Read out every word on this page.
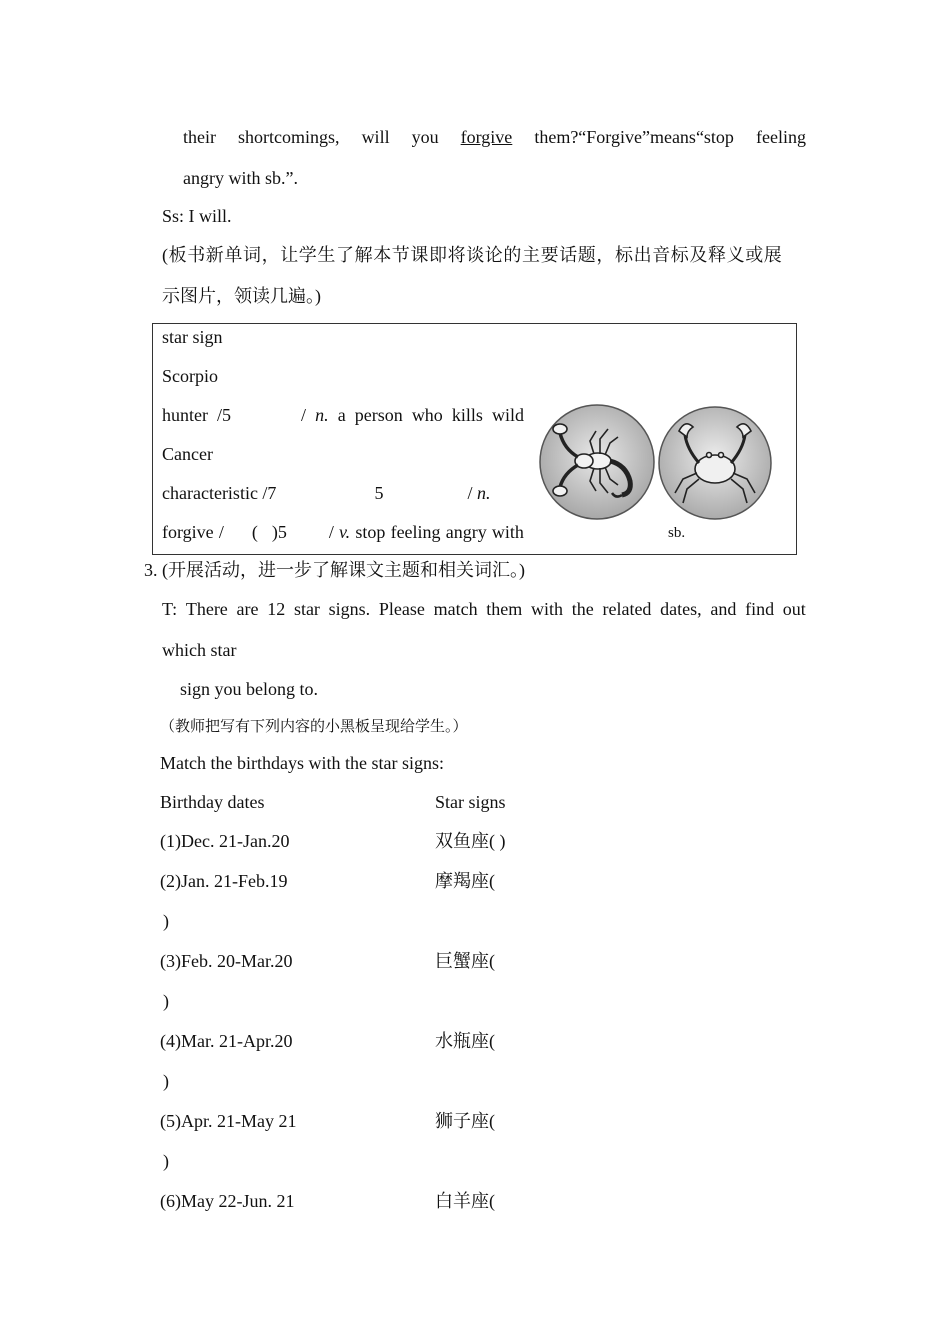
their shortcomings, will you forgive them?“Forgive”means“stop feeling
angry with sb.”.
Ss: I will.
(板书新单词，让学生了解本节课即将谈论的主要话题，标出音标及释义或展
示图片，领读几遍。)
star sign
Scorpio
hunter /5     / n. a person who kills wild
Cancer
characteristic /7       5      / n.
forgive /  ( )5   / v. stop feeling angry with	sb.
3. (开展活动，进一步了解课文主题和相关词汇。)
T: There are 12 star signs. Please match them with the related dates, and find out
which star
sign you belong to.
（教师把写有下列内容的小黑板呈现给学生。）
Match the birthdays with the star signs:
Birthday dates	Star signs
(1)Dec. 21-Jan.20	双鱼座( )
(2)Jan. 21-Feb.19	摩羯座(
)
(3)Feb. 20-Mar.20	巨蟹座(
)
(4)Mar. 21-Apr.20	水瓶座(
)
(5)Apr. 21-May 21	狮子座(
)
(6)May 22-Jun. 21	白羊座(
